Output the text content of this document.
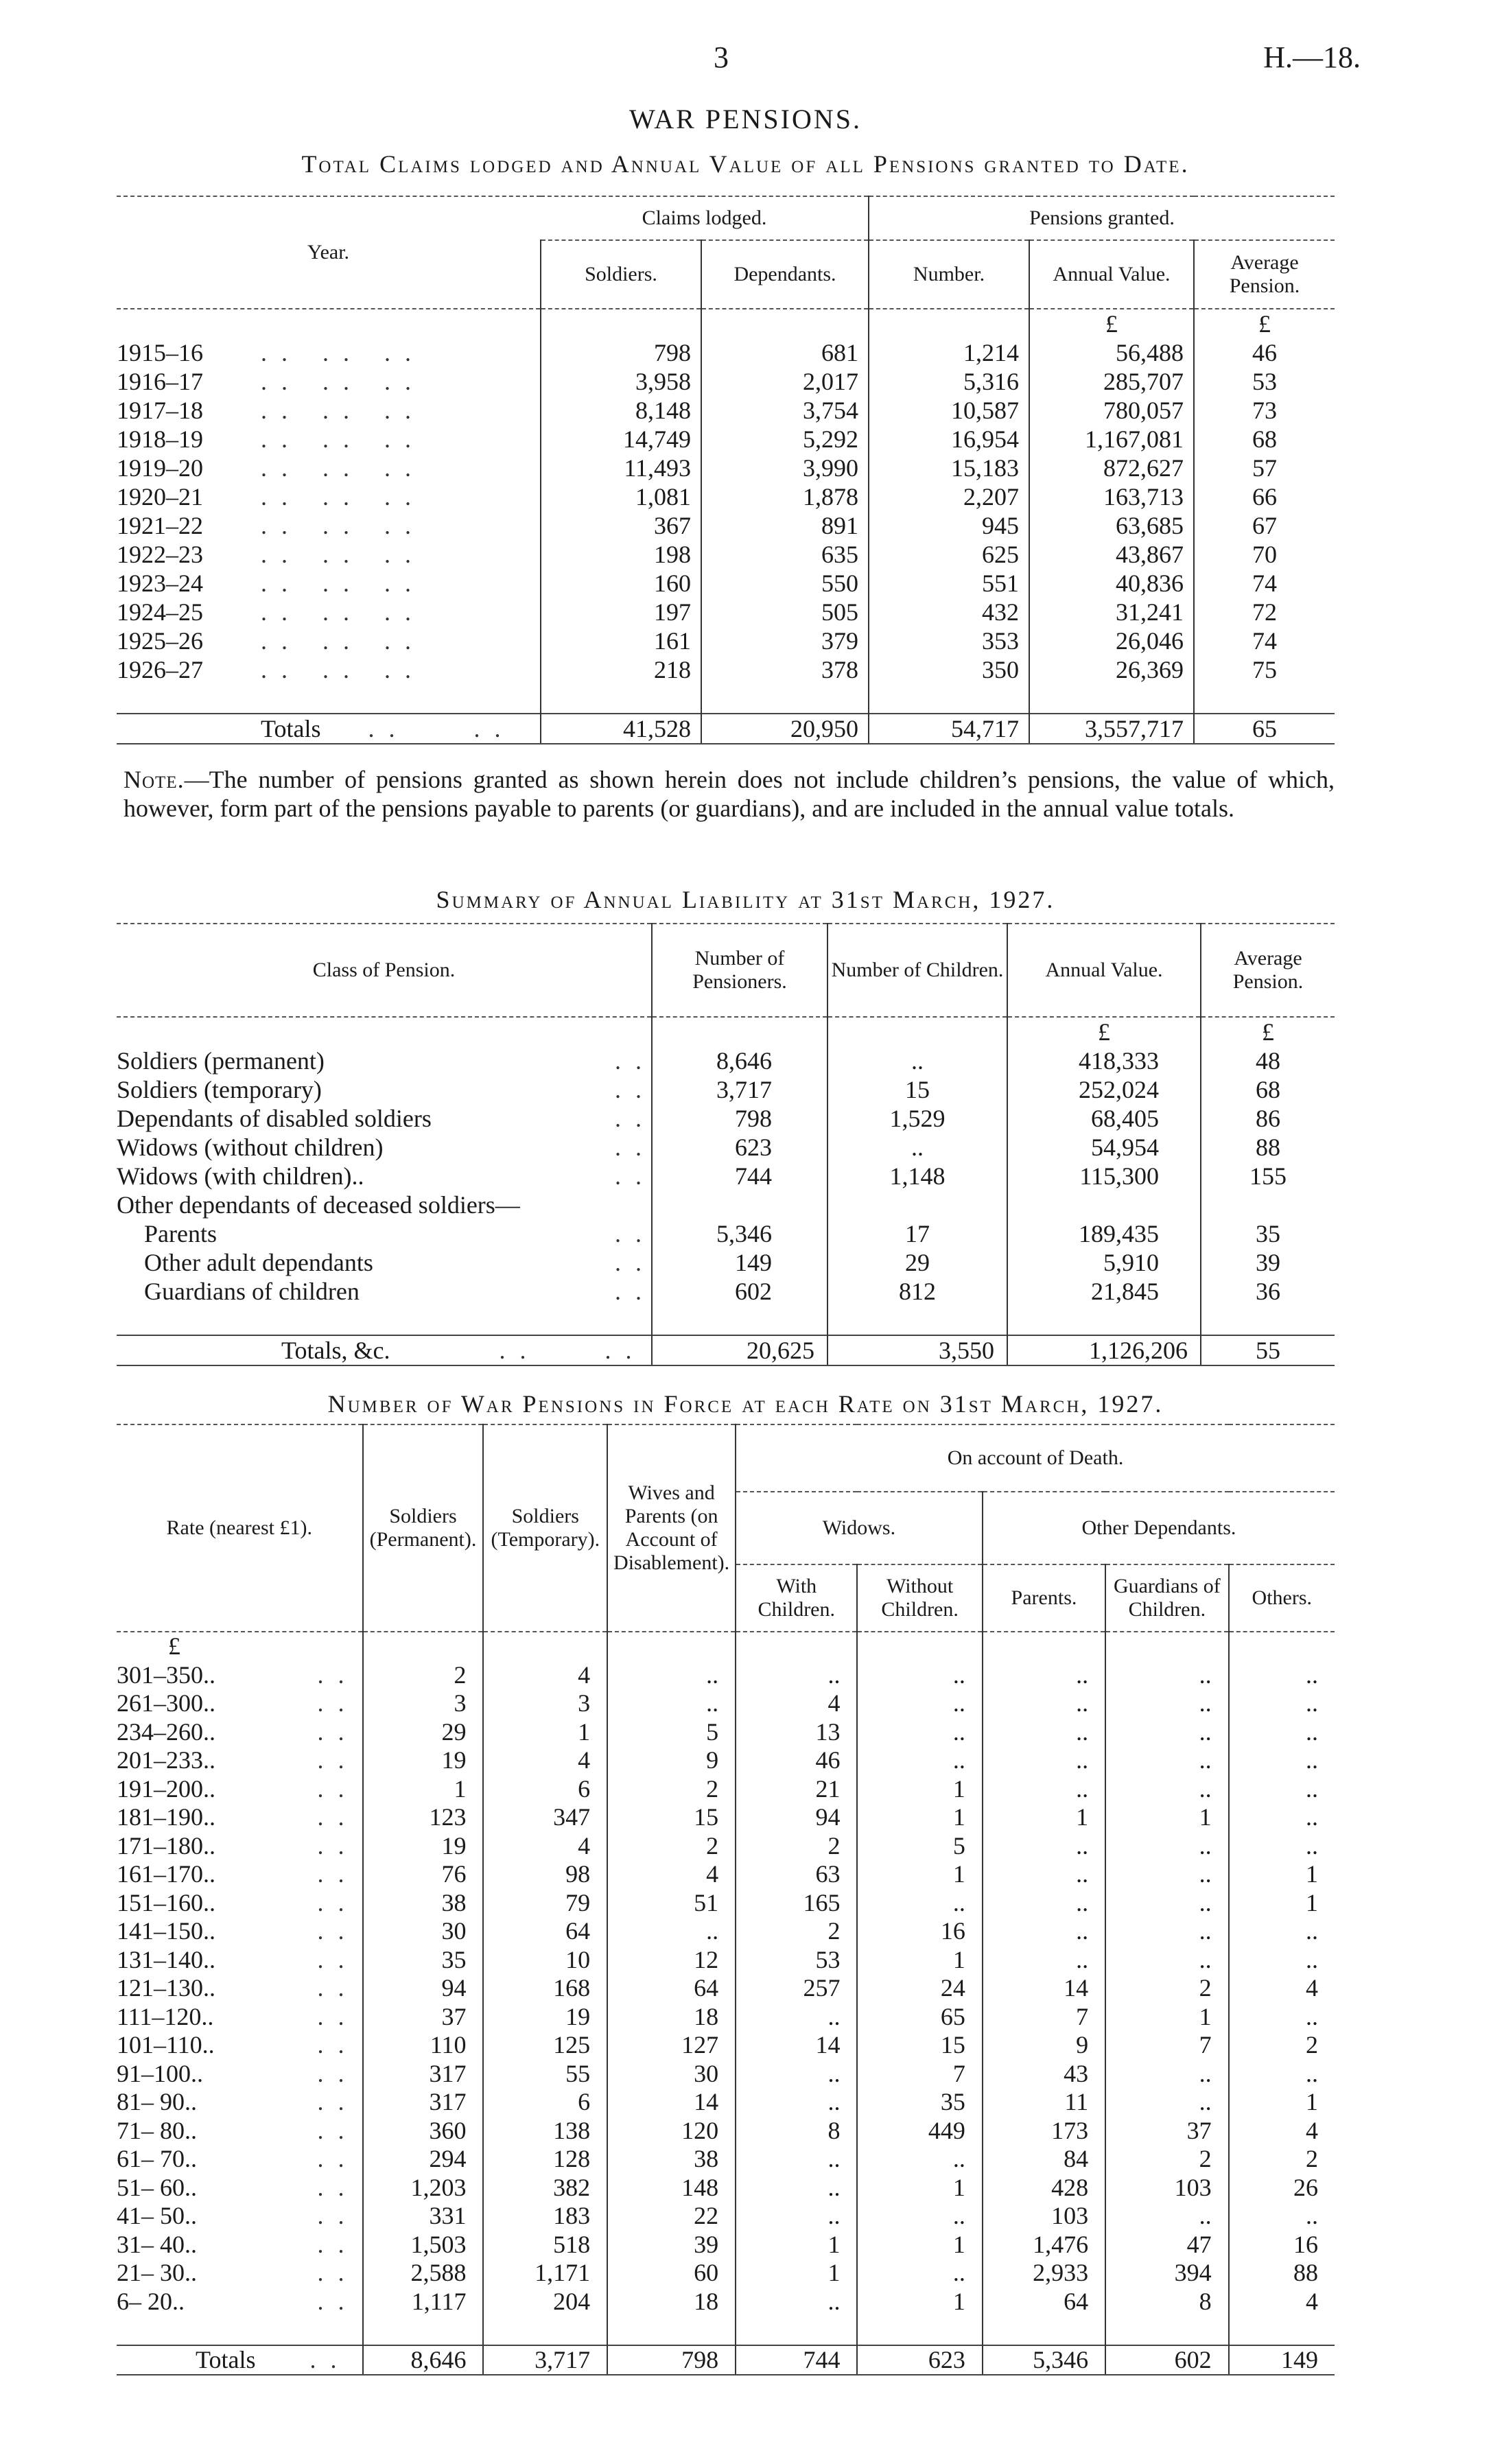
3	H.—18.
WAR PENSIONS.
Total Claims lodged and Annual Value of all Pensions granted to Date.
Year.	Claims lodged.		Pensions granted.		
	Soldiers.	Dependants.	Number.	Annual Value.	Average Pension.
				£	£
1915–16 . .   . .   . .	798	681	1,214	56,488	46
1916–17 . .   . .   . .	3,958	2,017	5,316	285,707	53
1917–18 . .   . .   . .	8,148	3,754	10,587	780,057	73
1918–19 . .   . .   . .	14,749	5,292	16,954	1,167,081	68
1919–20 . .   . .   . .	11,493	3,990	15,183	872,627	57
1920–21 . .   . .   . .	1,081	1,878	2,207	163,713	66
1921–22 . .   . .   . .	367	891	945	63,685	67
1922–23 . .   . .   . .	198	635	625	43,867	70
1923–24 . .   . .   . .	160	550	551	40,836	74
1924–25 . .   . .   . .	197	505	432	31,241	72
1925–26 . .   . .   . .	161	379	353	26,046	74
1926–27 . .   . .   . .	218	378	350	26,369	75

Totals . . . .	41,528	20,950	54,717	3,557,717	65
Note.—The number of pensions granted as shown herein does not include children’s pensions, the value of which, however, form part of the pensions payable to parents (or guardians), and are included in the annual value totals.
Summary of Annual Liability at 31st March, 1927.
Class of Pension.	Number of Pensioners.	Number of Children.	Annual Value.	Average Pension.
			£	£
Soldiers (permanent) . .	8,646	..	418,333	48
Soldiers (temporary) . .	3,717	15	252,024	68
Dependants of disabled soldiers . .	798	1,529	68,405	86
Widows (without children) . .	623	..	54,954	88
Widows (with children).. . .	744	1,148	115,300	155
Other dependants of deceased soldiers—				
Parents . .	5,346	17	189,435	35
Other adult dependants . .	149	29	5,910	39
Guardians of children . .	602	812	21,845	36

Totals, &c. . . . .	20,625	3,550	1,126,206	55
Number of War Pensions in Force at each Rate on 31st March, 1927.
Rate (nearest £1).	Soldiers (Permanent).	Soldiers (Temporary).	Wives and Parents (on Account of Disablement).	On account of Death.				
				Widows.		Other Dependants.		
				With Children.	Without Children.	Parents.	Guardians of Children.	Others.
£								
301–350.. . .	2	4	..	..	..	..	..	..
261–300.. . .	3	3	..	4	..	..	..	..
234–260.. . .	29	1	5	13	..	..	..	..
201–233.. . .	19	4	9	46	..	..	..	..
191–200.. . .	1	6	2	21	1	..	..	..
181–190.. . .	123	347	15	94	1	1	1	..
171–180.. . .	19	4	2	2	5	..	..	..
161–170.. . .	76	98	4	63	1	..	..	1
151–160.. . .	38	79	51	165	..	..	..	1
141–150.. . .	30	64	..	2	16	..	..	..
131–140.. . .	35	10	12	53	1	..	..	..
121–130.. . .	94	168	64	257	24	14	2	4
111–120.. . .	37	19	18	..	65	7	1	..
101–110.. . .	110	125	127	14	15	9	7	2
91–100.. . .	317	55	30	..	7	43	..	..
81– 90.. . .	317	6	14	..	35	11	..	1
71– 80.. . .	360	138	120	8	449	173	37	4
61– 70.. . .	294	128	38	..	..	84	2	2
51– 60.. . .	1,203	382	148	..	1	428	103	26
41– 50.. . .	331	183	22	..	..	103	..	..
31– 40.. . .	1,503	518	39	1	1	1,476	47	16
21– 30.. . .	2,588	1,171	60	1	..	2,933	394	88
6– 20.. . .	1,117	204	18	..	1	64	8	4

Totals . .	8,646	3,717	798	744	623	5,346	602	149
